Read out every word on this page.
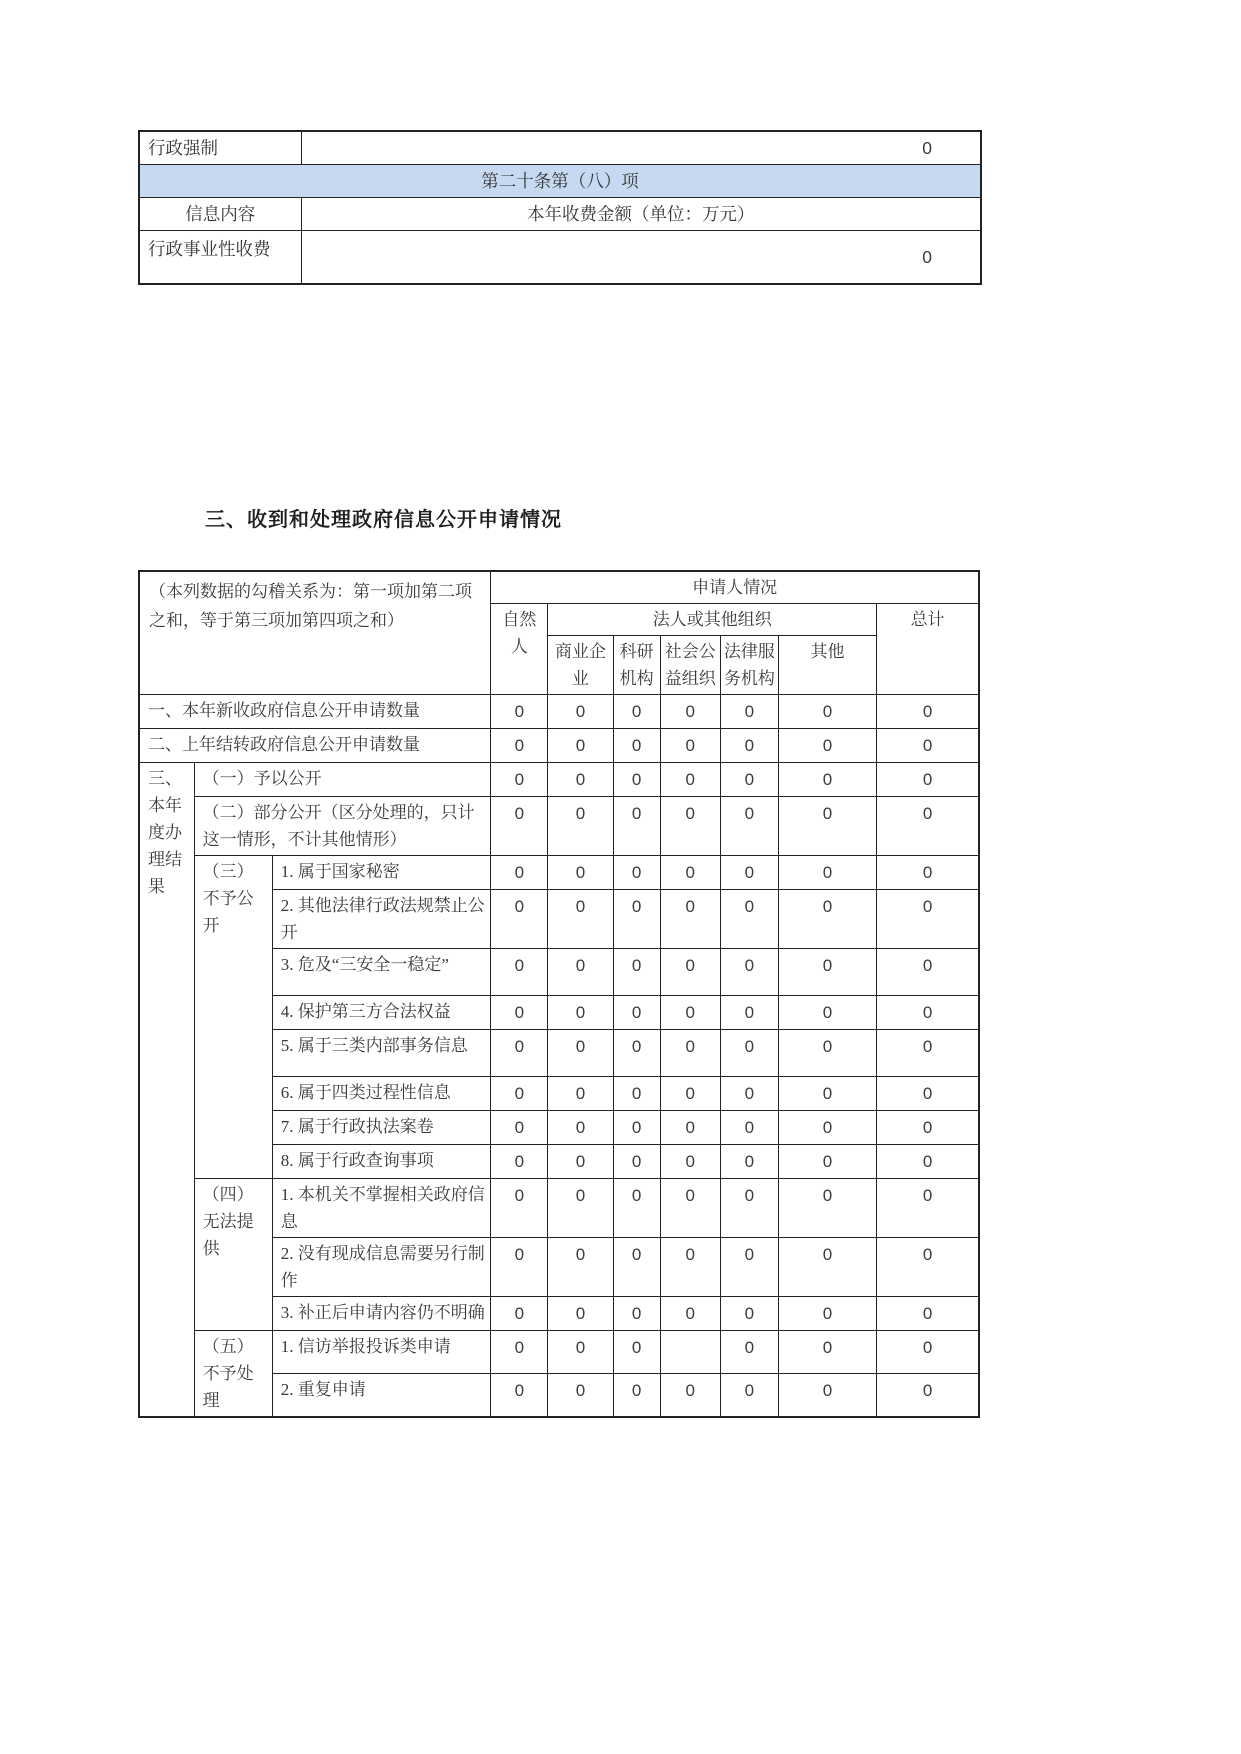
行政强制	0
第二十条第（八）项	
信息内容	本年收费金额（单位：万元）
行政事业性收费	0
三、收到和处理政府信息公开申请情况
（本列数据的勾稽关系为：第一项加第二项之和，等于第三项加第四项之和）			申请人情况						
			自然人	法人或其他组织					总计
				商业企业	科研机构	社会公益组织	法律服务机构	其他	
一、本年新收政府信息公开申请数量			0	0	0	0	0	0	0
二、上年结转政府信息公开申请数量			0	0	0	0	0	0	0
三、本年度办理结果	（一）予以公开		0	0	0	0	0	0	0
	（二）部分公开（区分处理的，只计这一情形，不计其他情形）		0	0	0	0	0	0	0
	（三）不予公开	1. 属于国家秘密	0	0	0	0	0	0	0
		2. 其他法律行政法规禁止公开	0	0	0	0	0	0	0
		3. 危及“三安全一稳定”	0	0	0	0	0	0	0
		4. 保护第三方合法权益	0	0	0	0	0	0	0
		5. 属于三类内部事务信息	0	0	0	0	0	0	0
		6. 属于四类过程性信息	0	0	0	0	0	0	0
		7. 属于行政执法案卷	0	0	0	0	0	0	0
		8. 属于行政查询事项	0	0	0	0	0	0	0
	（四）无法提供	1. 本机关不掌握相关政府信息	0	0	0	0	0	0	0
		2. 没有现成信息需要另行制作	0	0	0	0	0	0	0
		3. 补正后申请内容仍不明确	0	0	0	0	0	0	0
	（五）不予处理	1. 信访举报投诉类申请	0	0	0		0	0	0
		2. 重复申请	0	0	0	0	0	0	0
